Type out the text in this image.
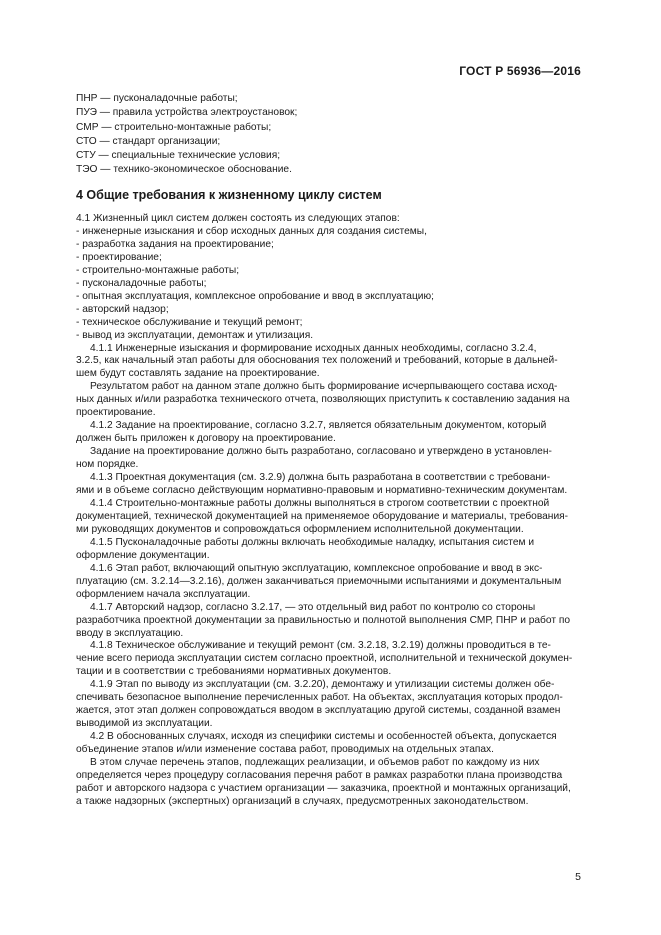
ГОСТ Р 56936—2016
ПНР — пусконаладочные работы;
ПУЭ — правила устройства электроустановок;
СМР — строительно-монтажные работы;
СТО — стандарт организации;
СТУ — специальные технические условия;
ТЭО — технико-экономическое обоснование.
4 Общие требования к жизненному циклу систем
4.1 Жизненный цикл систем должен состоять из следующих этапов:
- инженерные изыскания и сбор исходных данных для создания системы,
- разработка задания на проектирование;
- проектирование;
- строительно-монтажные работы;
- пусконаладочные работы;
- опытная эксплуатация, комплексное опробование и ввод в эксплуатацию;
- авторский надзор;
- техническое обслуживание и текущий ремонт;
- вывод из эксплуатации, демонтаж и утилизация.
4.1.1 Инженерные изыскания и формирование исходных данных необходимы, согласно 3.2.4,
3.2.5, как начальный этап работы для обоснования тех положений и требований, которые в дальней-
шем будут составлять задание на проектирование.
Результатом работ на данном этапе должно быть формирование исчерпывающего состава исход-
ных данных и/или разработка технического отчета, позволяющих приступить к составлению задания на
проектирование.
4.1.2 Задание на проектирование, согласно 3.2.7, является обязательным документом, который
должен быть приложен к договору на проектирование.
Задание на проектирование должно быть разработано, согласовано и утверждено в установлен-
ном порядке.
4.1.3 Проектная документация (см. 3.2.9) должна быть разработана в соответствии с требовани-
ями и в объеме согласно действующим нормативно-правовым и нормативно-техническим документам.
4.1.4 Строительно-монтажные работы должны выполняться в строгом соответствии с проектной
документацией, технической документацией на применяемое оборудование и материалы, требования-
ми руководящих документов и сопровождаться оформлением исполнительной документации.
4.1.5 Пусконаладочные работы должны включать необходимые наладку, испытания систем и
оформление документации.
4.1.6 Этап работ, включающий опытную эксплуатацию, комплексное опробование и ввод в экс-
плуатацию (см. 3.2.14—3.2.16), должен заканчиваться приемочными испытаниями и документальным
оформлением начала эксплуатации.
4.1.7 Авторский надзор, согласно 3.2.17, — это отдельный вид работ по контролю со стороны
разработчика проектной документации за правильностью и полнотой выполнения СМР, ПНР и работ по
вводу в эксплуатацию.
4.1.8 Техническое обслуживание и текущий ремонт (см. 3.2.18, 3.2.19) должны проводиться в те-
чение всего периода эксплуатации систем согласно проектной, исполнительной и технической докумен-
тации и в соответствии с требованиями нормативных документов.
4.1.9 Этап по выводу из эксплуатации (см. 3.2.20), демонтажу и утилизации системы должен обе-
спечивать безопасное выполнение перечисленных работ. На объектах, эксплуатация которых продол-
жается, этот этап должен сопровождаться вводом в эксплуатацию другой системы, созданной взамен
выводимой из эксплуатации.
4.2 В обоснованных случаях, исходя из специфики системы и особенностей объекта, допускается
объединение этапов и/или изменение состава работ, проводимых на отдельных этапах.
В этом случае перечень этапов, подлежащих реализации, и объемов работ по каждому из них
определяется через процедуру согласования перечня работ в рамках разработки плана производства
работ и авторского надзора с участием организации — заказчика, проектной и монтажных организаций,
а также надзорных (экспертных) организаций в случаях, предусмотренных законодательством.
5
